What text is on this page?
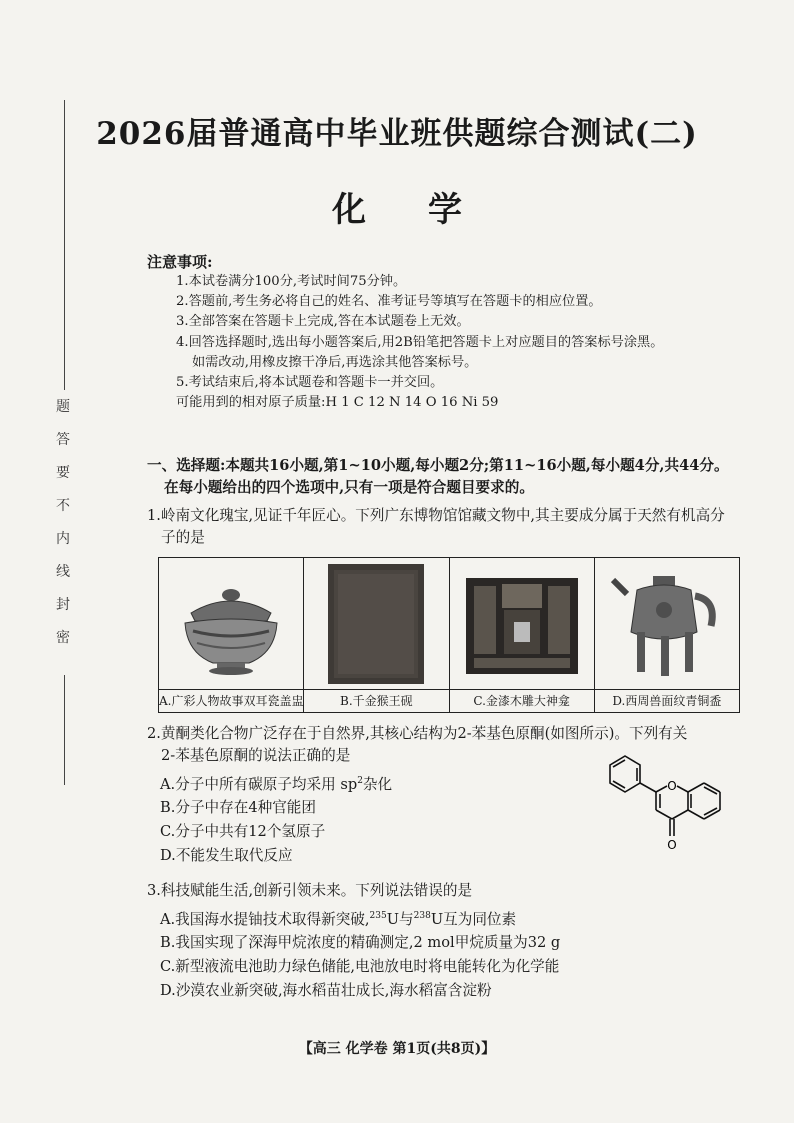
题
答
要
不
内
线
封
密
2026届普通高中毕业班供题综合测试(二)
化学
注意事项:
1.本试卷满分100分,考试时间75分钟。
2.答题前,考生务必将自己的姓名、准考证号等填写在答题卡的相应位置。
3.全部答案在答题卡上完成,答在本试题卷上无效。
4.回答选择题时,选出每小题答案后,用2B铅笔把答题卡上对应题目的答案标号涂黑。
如需改动,用橡皮擦干净后,再选涂其他答案标号。
5.考试结束后,将本试题卷和答题卡一并交回。
可能用到的相对原子质量:H 1 C 12 N 14 O 16 Ni 59
一、选择题:本题共16小题,第1~10小题,每小题2分;第11~16小题,每小题4分,共44分。
在每小题给出的四个选项中,只有一项是符合题目要求的。
1.岭南文化瑰宝,见证千年匠心。下列广东博物馆馆藏文物中,其主要成分属于天然有机高分
子的是
A.广彩人物故事双耳瓷盖盅	B.千金猴王砚	C.金漆木雕大神龛	D.西周兽面纹青铜盉
2.黄酮类化合物广泛存在于自然界,其核心结构为2-苯基色原酮(如图所示)。下列有关
2-苯基色原酮的说法正确的是
A.分子中所有碳原子均采用 $sp^2$杂化
B.分子中存在4种官能团
C.分子中共有12个氢原子
D.不能发生取代反应
O
O
3.科技赋能生活,创新引领未来。下列说法错误的是
A.我国海水提铀技术取得新突破,$^{235}$U与$^{238}$U互为同位素
B.我国实现了深海甲烷浓度的精确测定,2 mol甲烷质量为32 g
C.新型液流电池助力绿色储能,电池放电时将电能转化为化学能
D.沙漠农业新突破,海水稻苗壮成长,海水稻富含淀粉
【高三 化学卷 第1页(共8页)】
